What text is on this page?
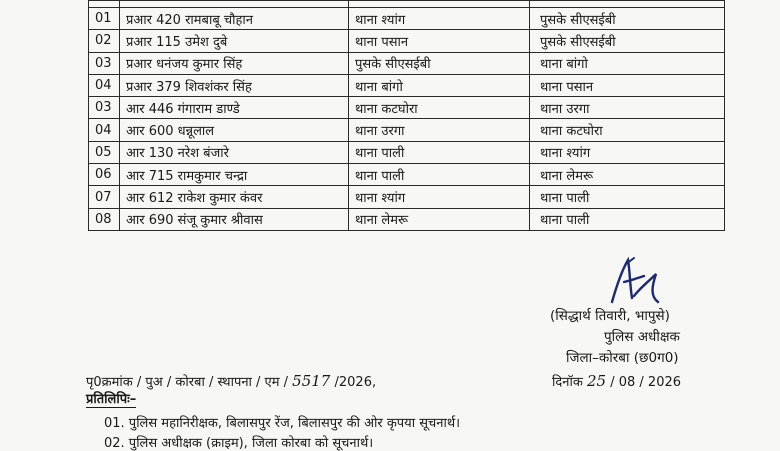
01	प्रआर 420 रामबाबू चौहान	थाना श्यांग	पुसके सीएसईबी
02	प्रआर 115 उमेश दुबे	थाना पसान	पुसके सीएसईबी
03	प्रआर धनंजय कुमार सिंह	पुसके सीएसईबी	थाना बांगो
04	प्रआर 379 शिवशंकर सिंह	थाना बांगो	थाना पसान
03	आर 446 गंगाराम डाण्डे	थाना कटघोरा	थाना उरगा
04	आर 600 धन्नूलाल	थाना उरगा	थाना कटघोरा
05	आर 130 नरेश बंजारे	थाना पाली	थाना श्यांग
06	आर 715 रामकुमार चन्द्रा	थाना पाली	थाना लेमरू
07	आर 612 राकेश कुमार कंवर	थाना श्यांग	थाना पाली
08	आर 690 संजू कुमार श्रीवास	थाना लेमरू	थाना पाली
(सिद्धार्थ तिवारी, भापुसे)
पुलिस अधीक्षक
जिला–कोरबा (छ0ग0)
पृ0क्रमांक / पुअ / कोरबा / स्थापना / एम / 5517 /2026,	दिनॉक 25 / 08 / 2026
प्रतिलिपिः–
01. पुलिस महानिरीक्षक, बिलासपुर रेंज, बिलासपुर की ओर कृपया सूचनार्थ।
02. पुलिस अधीक्षक (क्राइम), जिला कोरबा को सूचनार्थ।
